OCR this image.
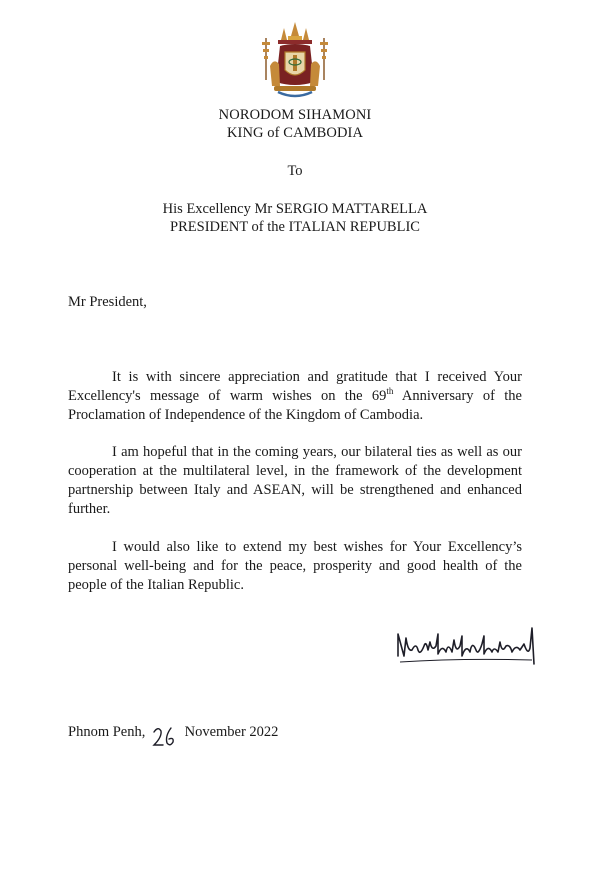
NORODOM SIHAMONI
KING of CAMBODIA
To
His Excellency Mr SERGIO MATTARELLA
PRESIDENT of the ITALIAN REPUBLIC
Mr President,

It is with sincere appreciation and gratitude that I received Your Excellency's message of warm wishes on the 69th Anniversary of the Proclamation of Independence of the Kingdom of Cambodia.

I am hopeful that in the coming years, our bilateral ties as well as our cooperation at the multilateral level, in the framework of the development partnership between Italy and ASEAN, will be strengthened and enhanced further.

I would also like to extend my best wishes for Your Excellency’s personal well-being and for the peace, prosperity and good health of the people of the Italian Republic.

Phnom Penh,	November 2022
